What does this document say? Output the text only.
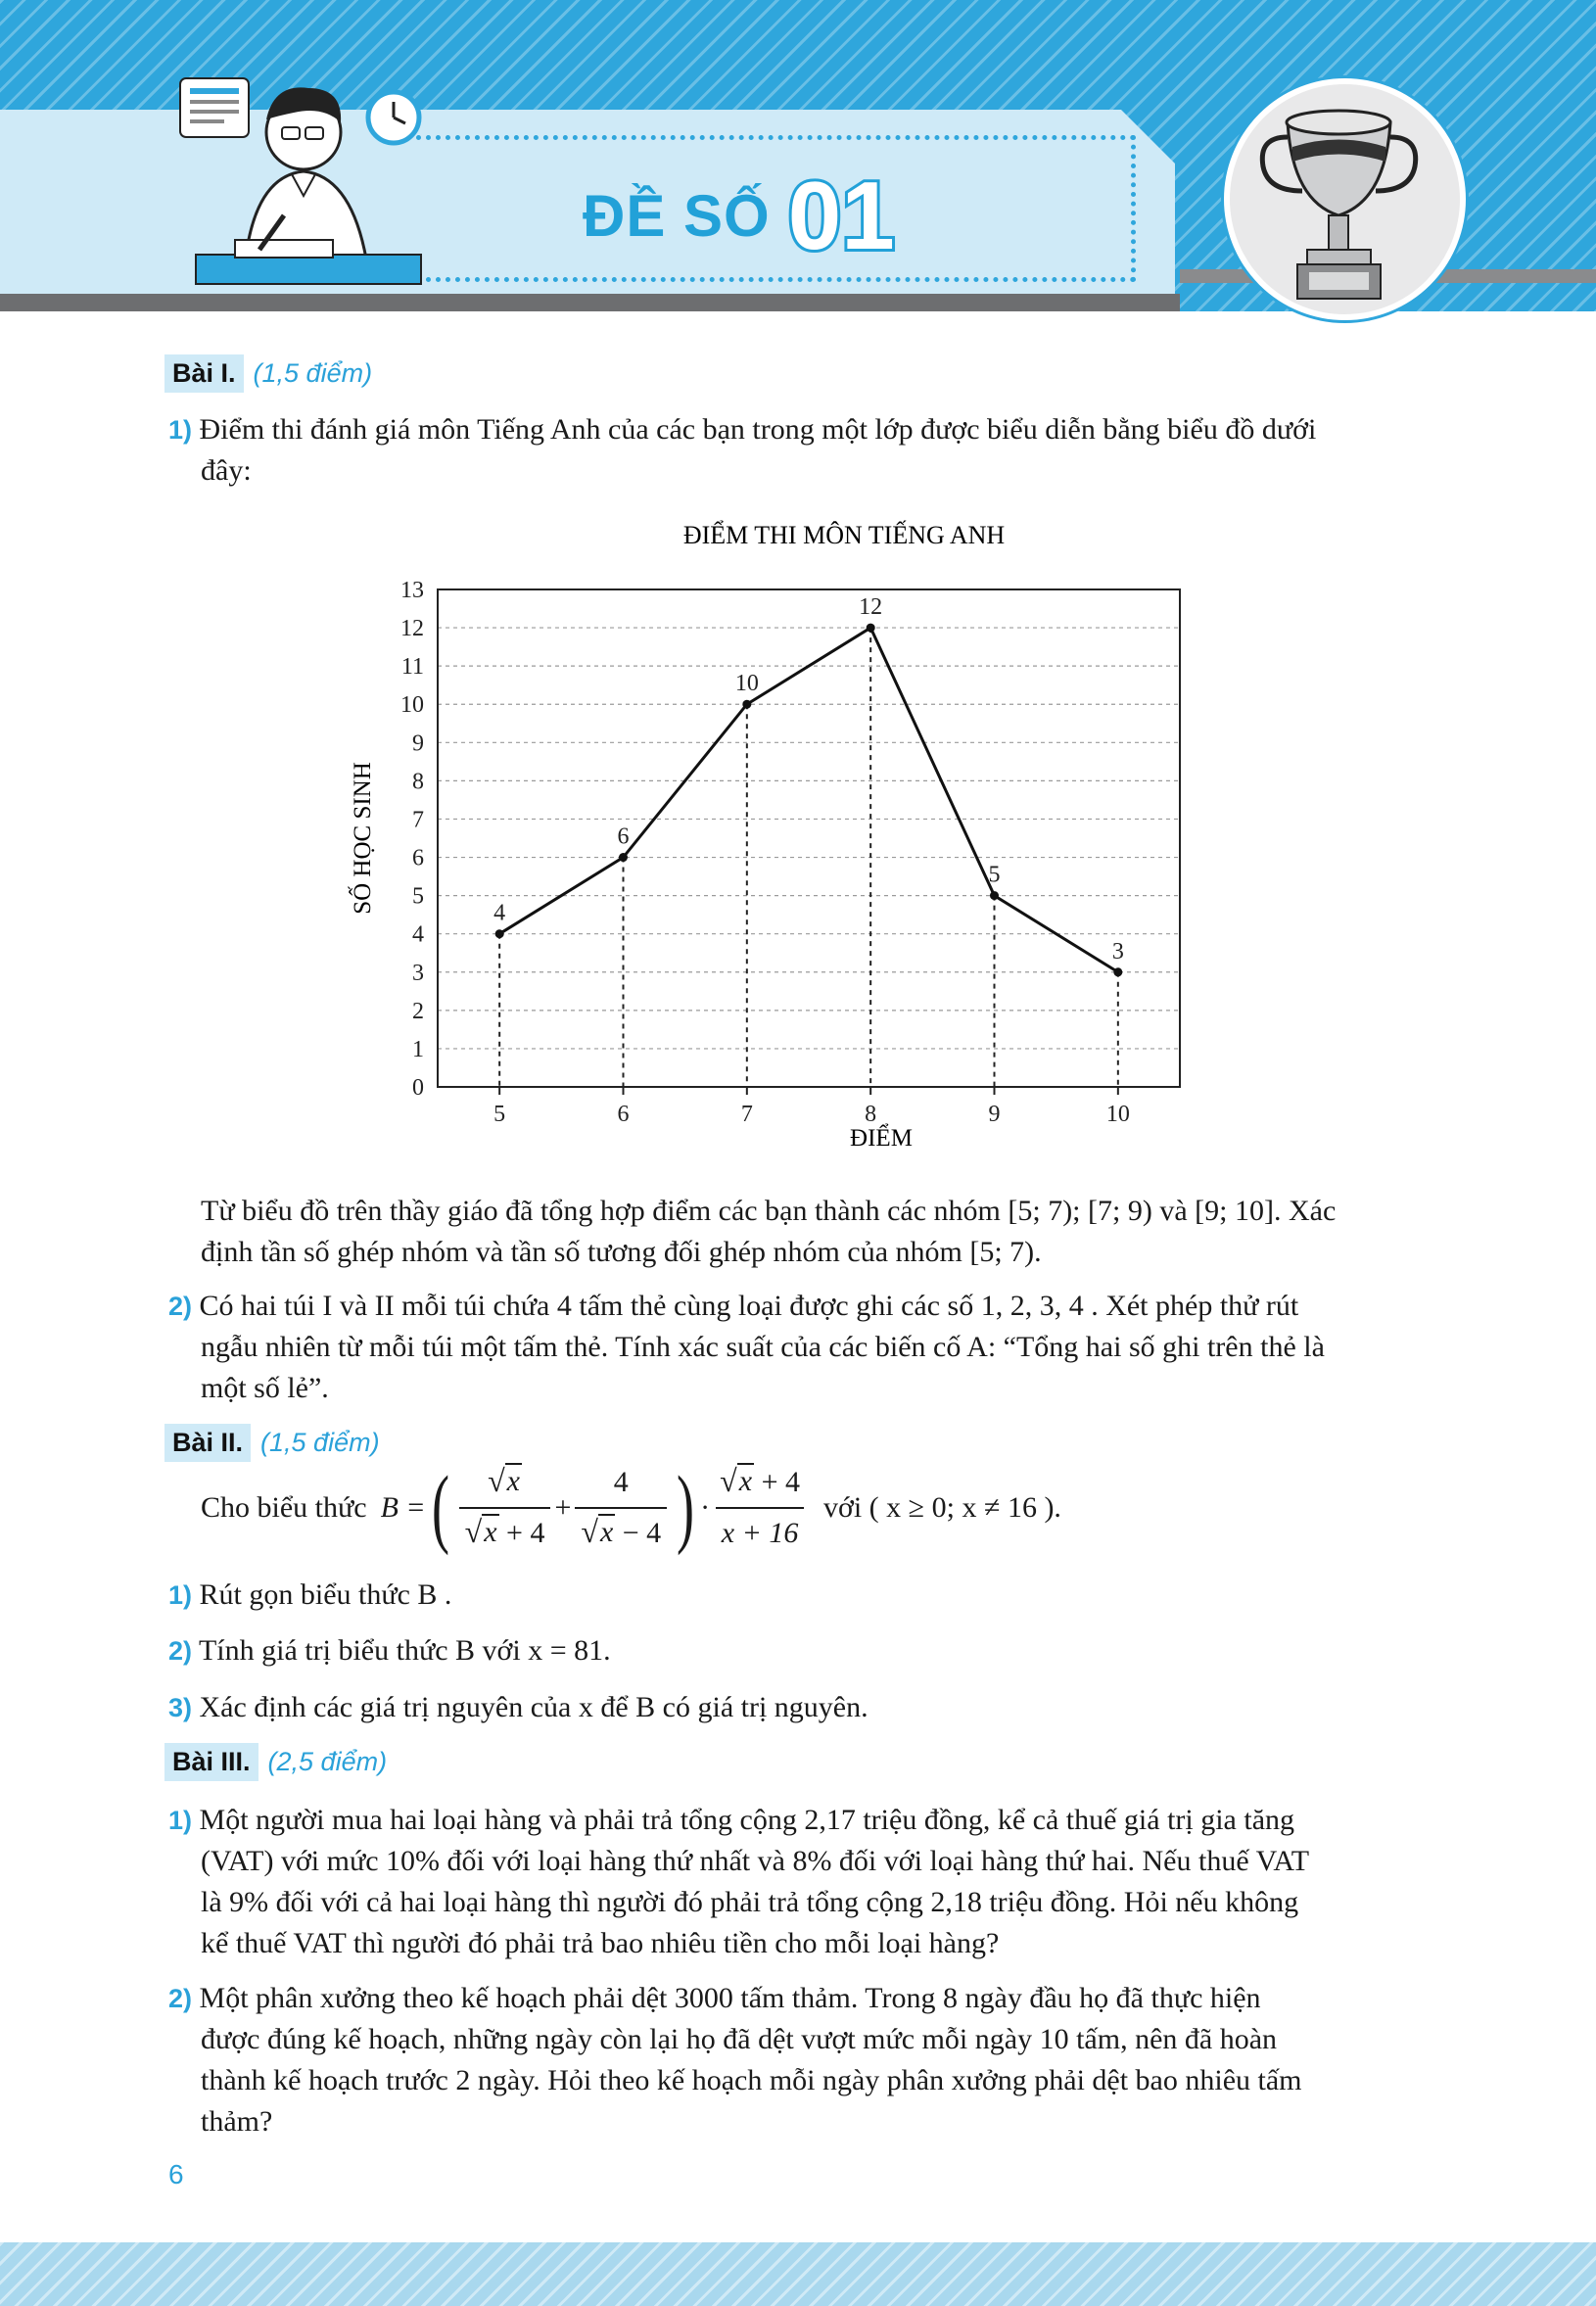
ĐỀ SỐ 01
Bài I. (1,5 điểm)
1) Điểm thi đánh giá môn Tiếng Anh của các bạn trong một lớp được biểu diễn bằng biểu đồ dưới
đây:
ĐIỂM THI MÔN TIẾNG ANH
0
1
2
3
4
5
6
7
8
9
10
11
12
13
5	6	7	8	9	10
4
6
10
12
5
3
ĐIỂM
SỐ HỌC SINH
Từ biểu đồ trên thầy giáo đã tổng hợp điểm các bạn thành các nhóm [5; 7); [7; 9) và [9; 10]. Xác
định tần số ghép nhóm và tần số tương đối ghép nhóm của nhóm [5; 7).
2) Có hai túi I và II mỗi túi chứa 4 tấm thẻ cùng loại được ghi các số 1, 2, 3, 4 . Xét phép thử rút
ngẫu nhiên từ mỗi túi một tấm thẻ. Tính xác suất của các biến cố A: “Tổng hai số ghi trên thẻ là
một số lẻ”.
Bài II. (1,5 điểm)
Cho biểu thức B = ( $\frac{√ x}{√ x + 4} + \frac{4}{√ x - 4}$ ) · $\frac{√ x + 4}{x + 16}$ với ( x ≥ 0; x ≠ 16 ).
1) Rút gọn biểu thức B .
2) Tính giá trị biểu thức B với x = 81.
3) Xác định các giá trị nguyên của x để B có giá trị nguyên.
Bài III. (2,5 điểm)
1) Một người mua hai loại hàng và phải trả tổng cộng 2,17 triệu đồng, kể cả thuế giá trị gia tăng
(VAT) với mức 10% đối với loại hàng thứ nhất và 8% đối với loại hàng thứ hai. Nếu thuế VAT
là 9% đối với cả hai loại hàng thì người đó phải trả tổng cộng 2,18 triệu đồng. Hỏi nếu không
kể thuế VAT thì người đó phải trả bao nhiêu tiền cho mỗi loại hàng?
2) Một phân xưởng theo kế hoạch phải dệt 3000 tấm thảm. Trong 8 ngày đầu họ đã thực hiện
được đúng kế hoạch, những ngày còn lại họ đã dệt vượt mức mỗi ngày 10 tấm, nên đã hoàn
thành kế hoạch trước 2 ngày. Hỏi theo kế hoạch mỗi ngày phân xưởng phải dệt bao nhiêu tấm
thảm?
6
